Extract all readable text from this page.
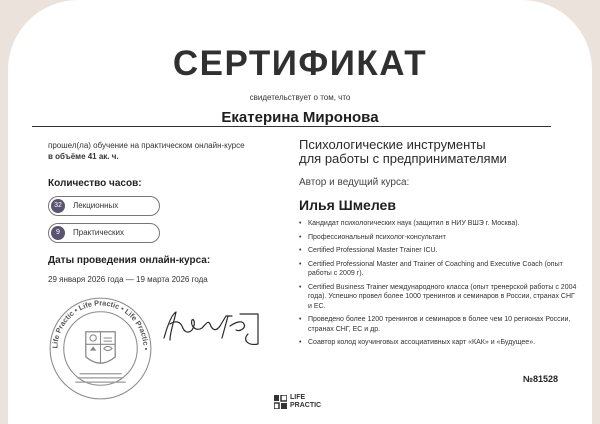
СЕРТИФИКАТ
свидетельствует о том, что
Екатерина Миронова
прошел(ла) обучение на практическом онлайн-курсе
в объёме 41 ак. ч.
Количество часов:
32	Лекционных
9	Практических
Даты проведения онлайн-курса:
29 января 2026 года — 19 марта 2026 года
Психологические инструменты
для работы с предпринимателями
Автор и ведущий курса:
Илья Шмелев
• Кандидат психологических наук (защитил в НИУ ВШЭ г. Москва).
• Профессиональный психолог-консультант
• Certified Professional Master Trainer ICU.
• Certified Professional Master and Trainer of Coaching and Executive Coach (опыт работы с 2009 г).
• Certified Business Trainer международного класса (опыт тренерской работы с 2004 года). Успешно провел более 1000 тренингов и семинаров в России, странах СНГ и ЕС.
• Проведено более 1200 тренингов и семинаров в более чем 10 регионах России, странах СНГ, ЕС и др.
• Соавтор колод коучинговых ассоциативных карт «КАК» и «Будущее».
Life Practic • Life Practic • Life Practic •
№81528
LIFE
PRACTIC
